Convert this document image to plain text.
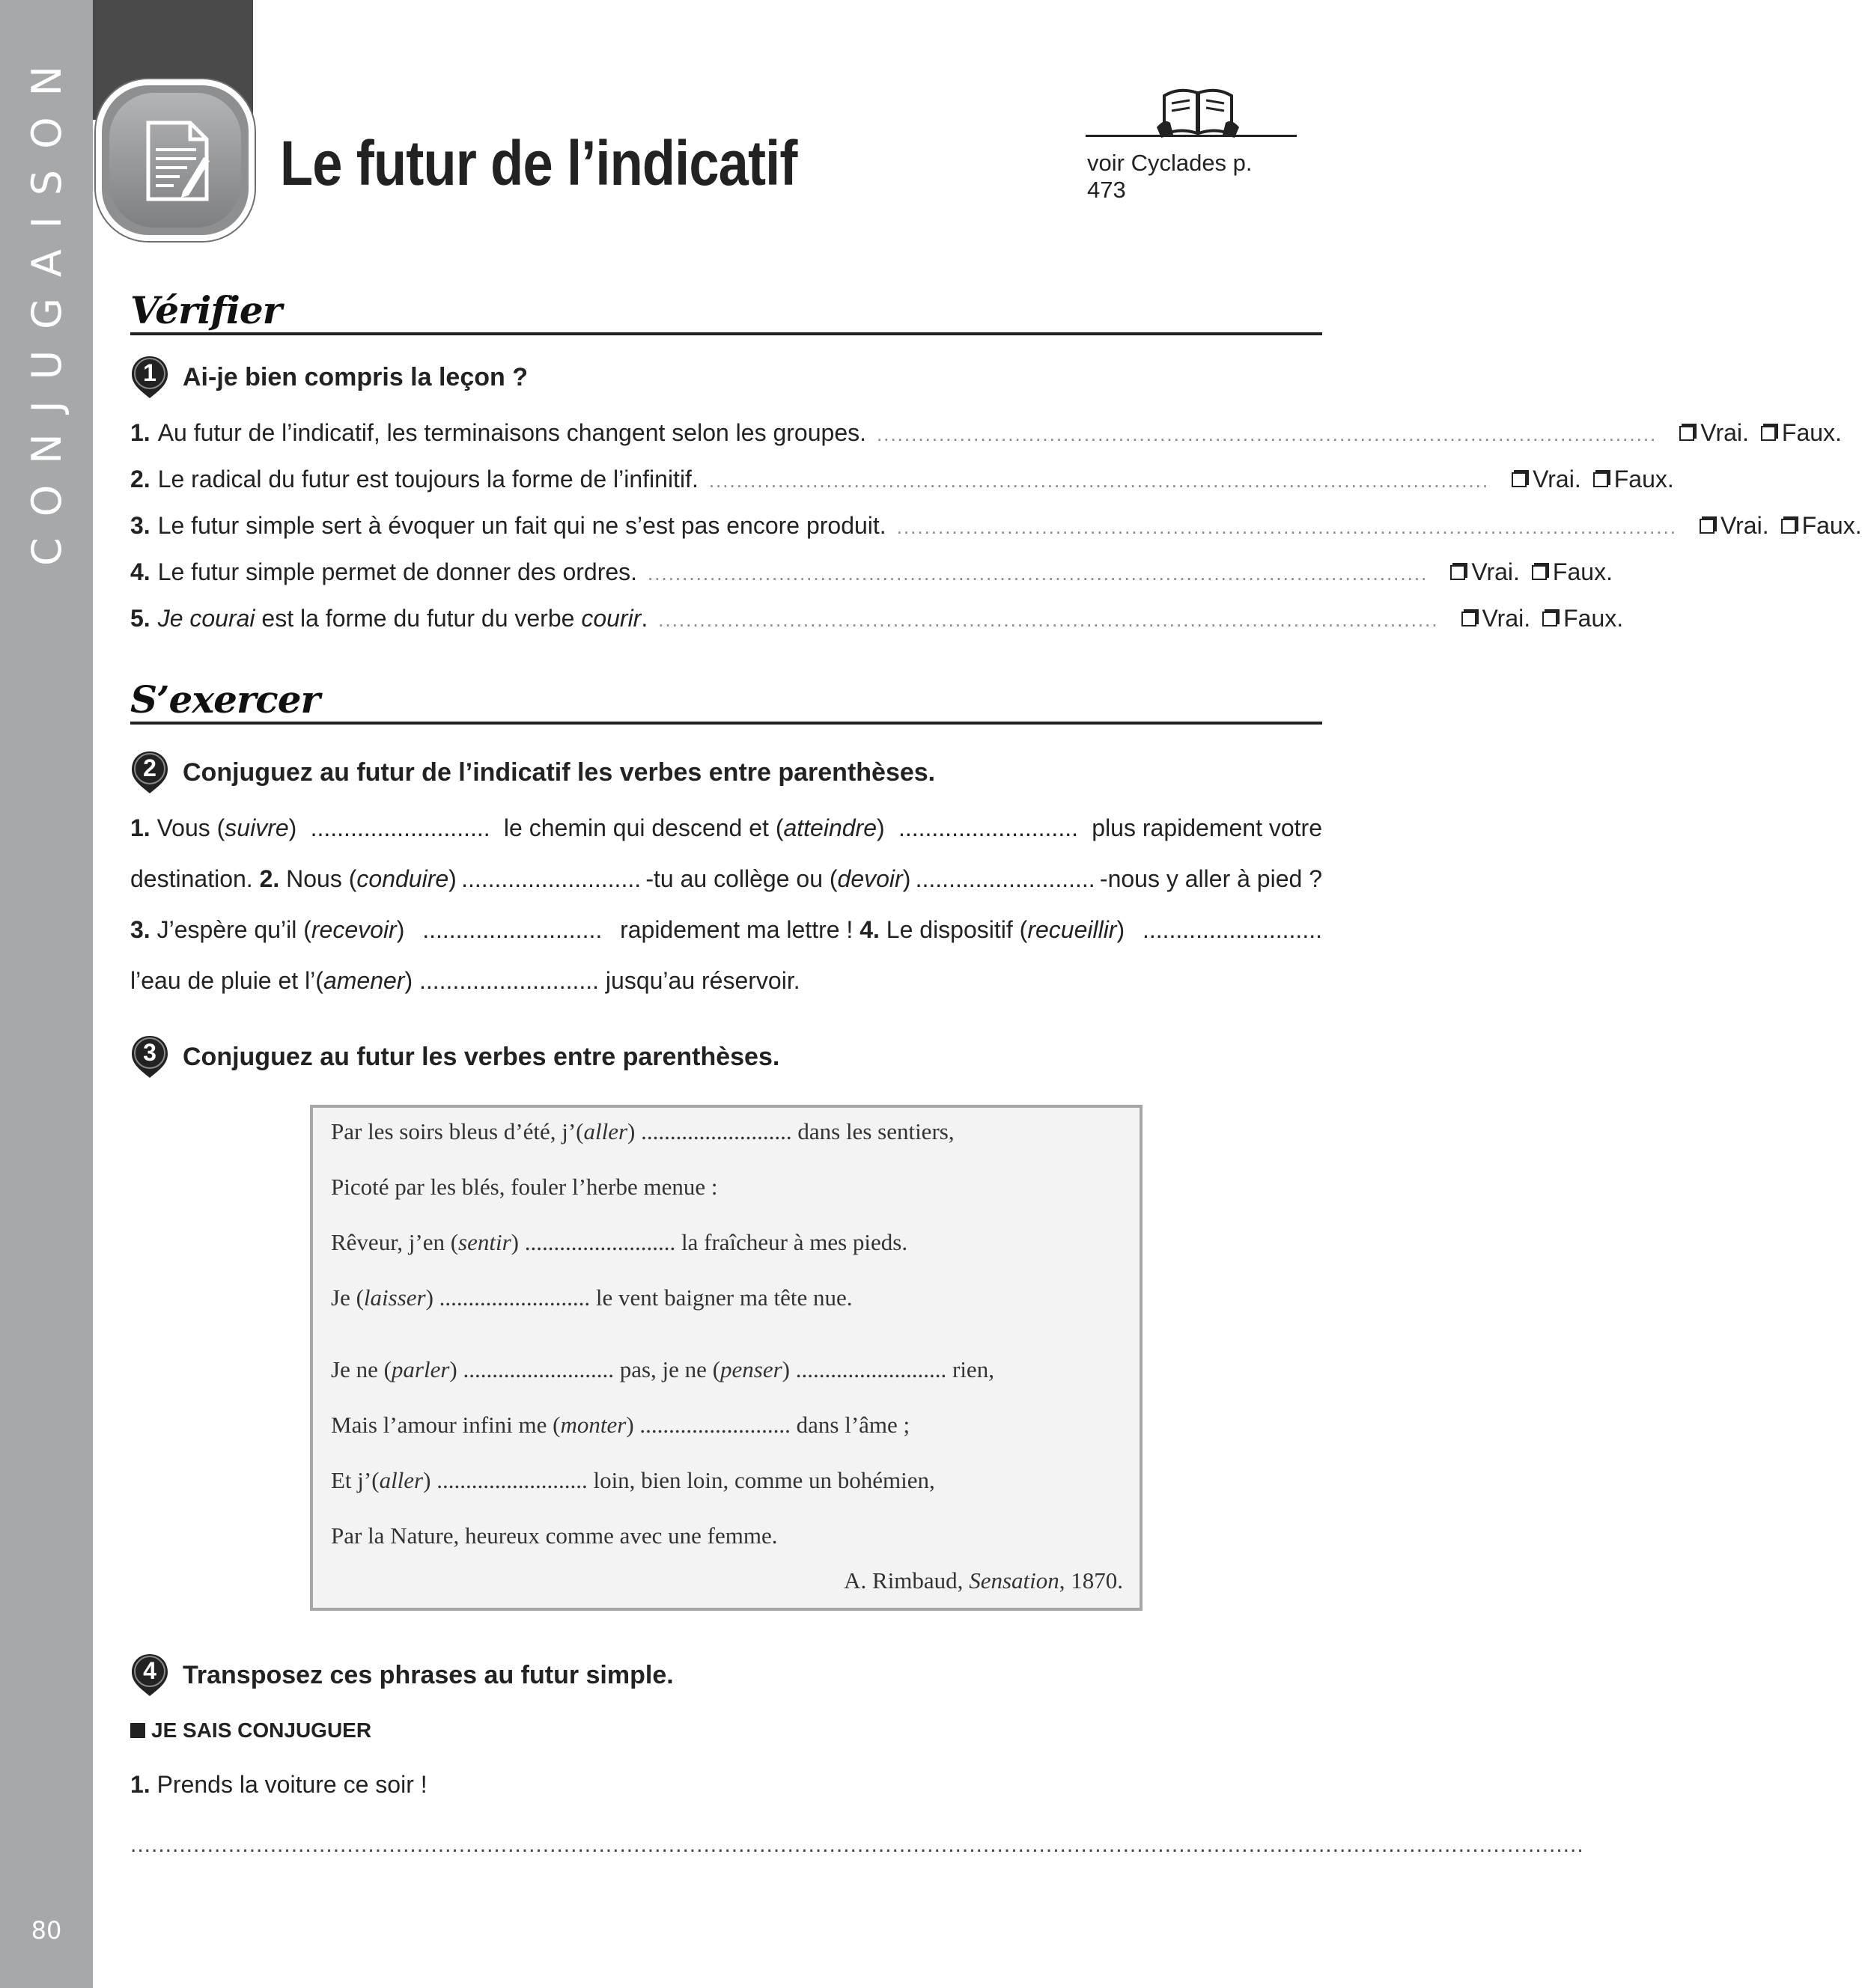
CONJUGAISON
80
Le futur de l’indicatif	voir Cyclades p. 473
Vérifier
1	Ai-je bien compris la leçon ?
1. Au futur de l’indicatif, les terminaisons changent selon les groupes. .................................................................................................................	Vrai.	Faux.
2. Le radical du futur est toujours la forme de l’infinitif. .................................................................................................................	Vrai.	Faux.
3. Le futur simple sert à évoquer un fait qui ne s’est pas encore produit. .................................................................................................................	Vrai.	Faux.
4. Le futur simple permet de donner des ordres. .................................................................................................................	Vrai.	Faux.
5. Je courai est la forme du futur du verbe courir. .................................................................................................................	Vrai.	Faux.
S’exercer
2	Conjuguez au futur de l’indicatif les verbes entre parenthèses.
1. Vous (suivre) ........................... le chemin qui descend et (atteindre) ........................... plus rapidement votre
destination. 2. Nous (conduire) ........................... -tu au collège ou (devoir) ........................... -nous y aller à pied ?
3. J’espère qu’il (recevoir) ........................... rapidement ma lettre ! 4. Le dispositif (recueillir) ...........................
l’eau de pluie et l’(amener) ........................... jusqu’au réservoir.
3	Conjuguez au futur les verbes entre parenthèses.
Par les soirs bleus d’été, j’(aller) .......................... dans les sentiers,
Picoté par les blés, fouler l’herbe menue :
Rêveur, j’en (sentir) .......................... la fraîcheur à mes pieds.
Je (laisser) .......................... le vent baigner ma tête nue.
Je ne (parler) .......................... pas, je ne (penser) .......................... rien,
Mais l’amour infini me (monter) .......................... dans l’âme ;
Et j’(aller) .......................... loin, bien loin, comme un bohémien,
Par la Nature, heureux comme avec une femme.
A. Rimbaud, Sensation, 1870.
4	Transposez ces phrases au futur simple.
JE SAIS CONJUGUER
1. Prends la voiture ce soir !
................................................................................................................................................................................................................
